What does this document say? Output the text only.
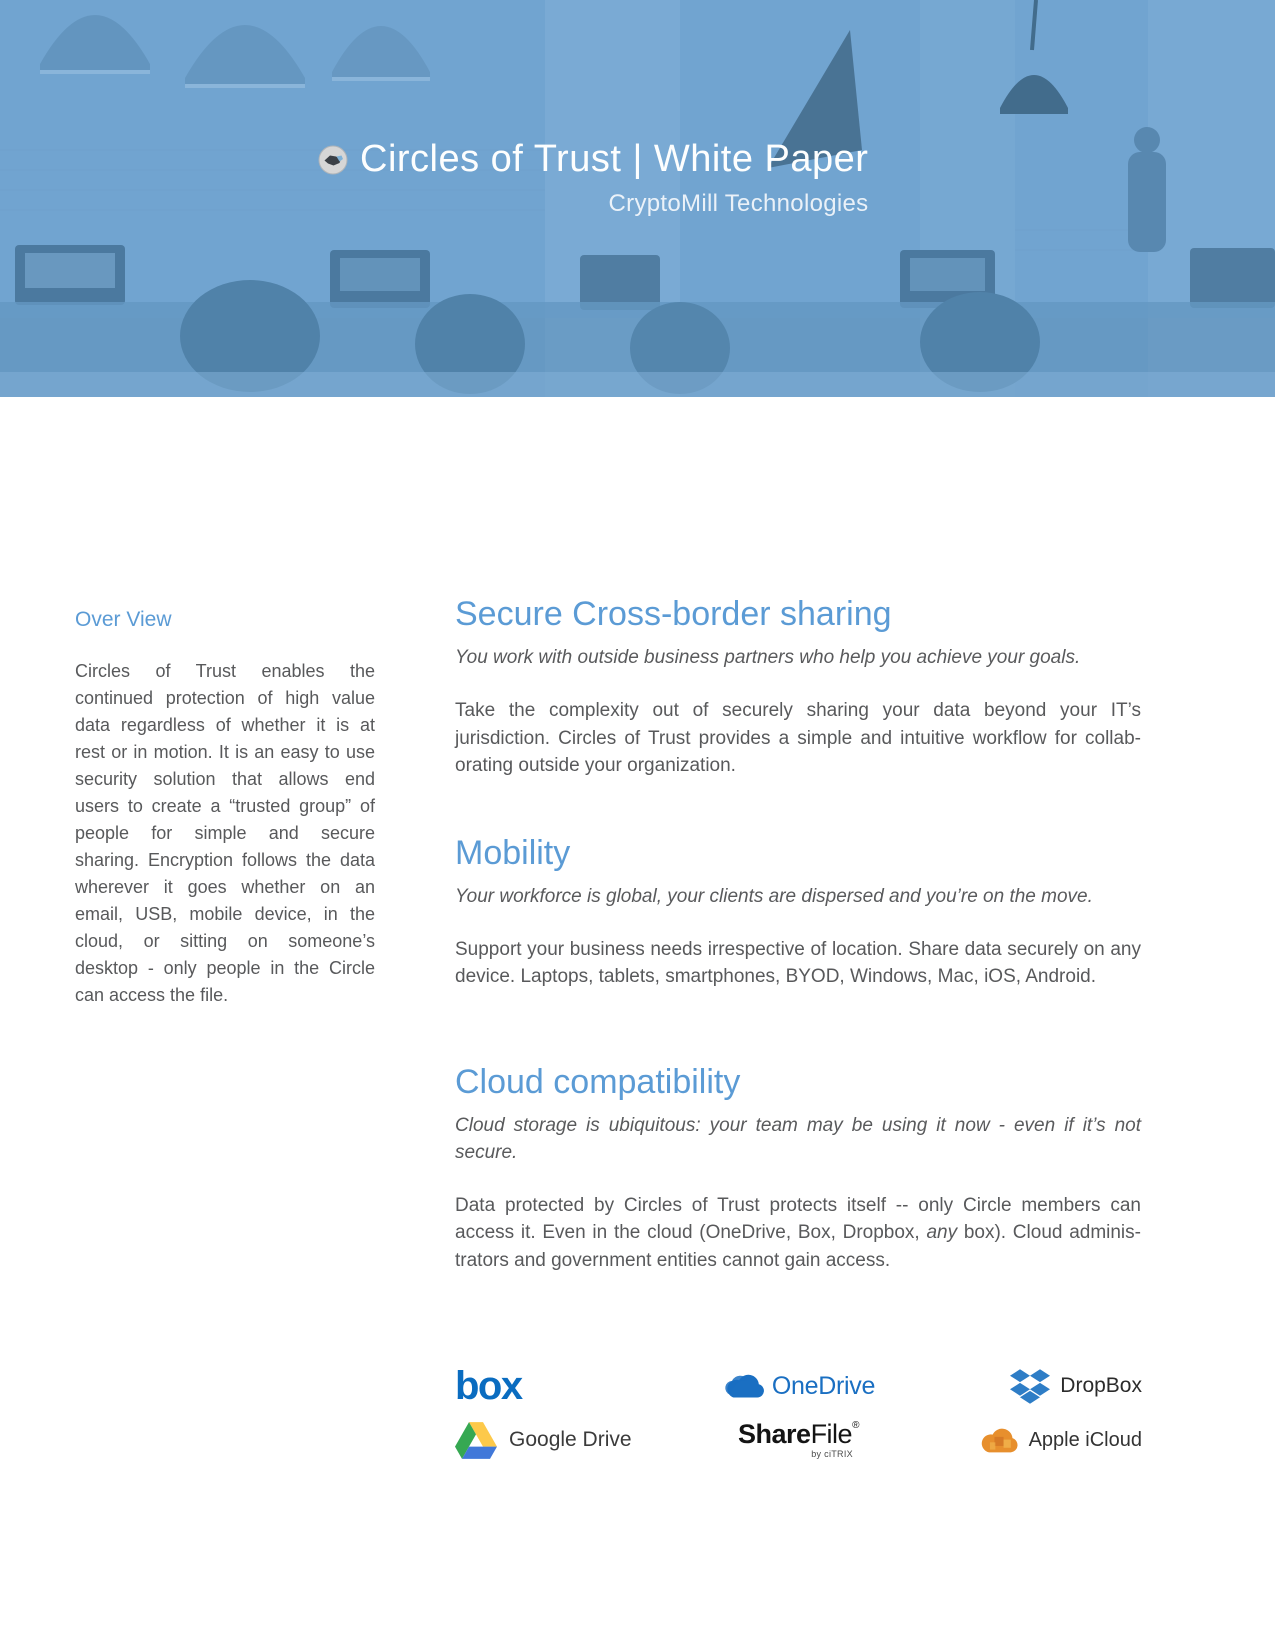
Circles of Trust | White Paper
CryptoMill Technologies
Over View

Circles of Trust enables the continued protection of high value data regardless of whether it is at rest or in motion. It is an easy to use security solution that allows end users to create a “trusted group” of people for simple and secure sharing. Encryption follows the data wherever it goes whether on an email, USB, mobile device, in the cloud, or sitting on someone’s desktop - only people in the Circle can access the file.

Secure Cross-border sharing

You work with outside business partners who help you achieve your goals.

Take the complexity out of securely sharing your data beyond your IT’s jurisdiction. Circles of Trust provides a simple and intuitive workflow for collaborating outside your organization.

Mobility

Your workforce is global, your clients are dispersed and you’re on the move.

Support your business needs irrespective of location. Share data securely on any device. Laptops, tablets, smartphones, BYOD, Windows, Mac, iOS, Android.

Cloud compatibility

Cloud storage is ubiquitous: your team may be using it now - even if it’s not secure.

Data protected by Circles of Trust protects itself -- only Circle members can access it. Even in the cloud (OneDrive, Box, Dropbox, any box). Cloud administrators and government entities cannot gain access.

box	OneDrive	DropBox
Google Drive	ShareFile®
by ciTRIX
Apple iCloud
